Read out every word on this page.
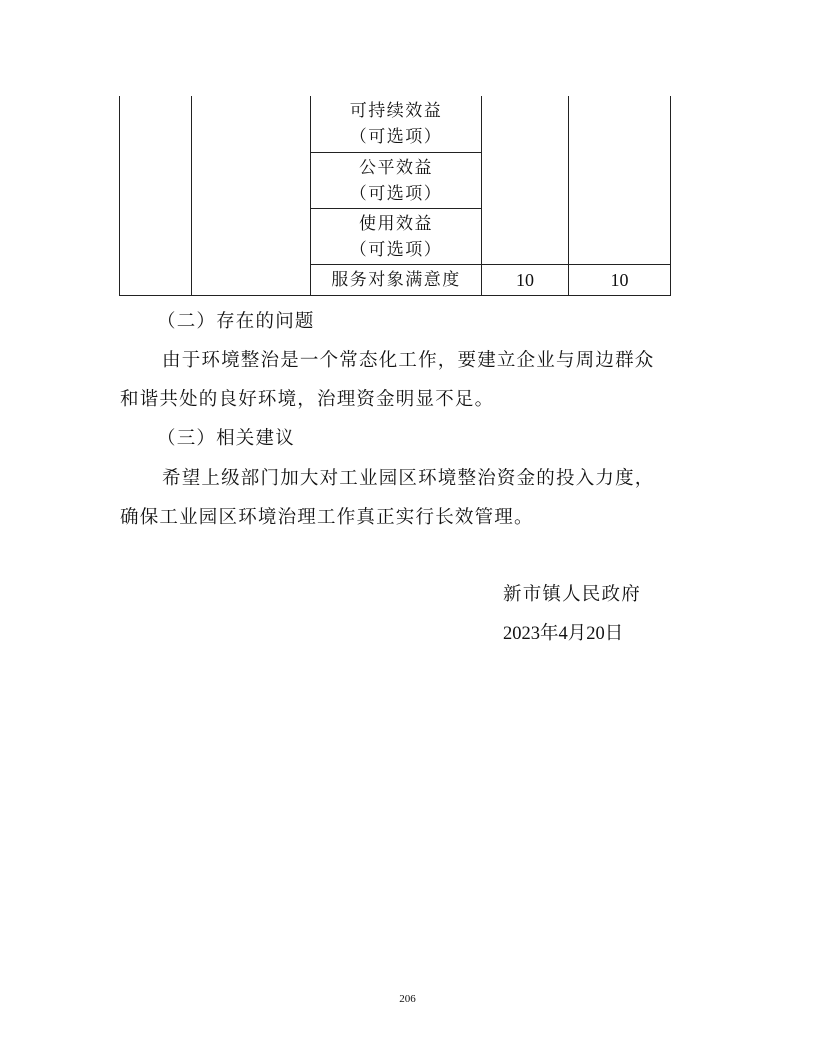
可持续效益
（可选项）
公平效益
（可选项）
使用效益
（可选项）
服务对象满意度	10	10
（二）存在的问题
由于环境整治是一个常态化工作，要建立企业与周边群众
和谐共处的良好环境，治理资金明显不足。
（三）相关建议
希望上级部门加大对工业园区环境整治资金的投入力度，
确保工业园区环境治理工作真正实行长效管理。
新市镇人民政府
2023年4月20日
206
